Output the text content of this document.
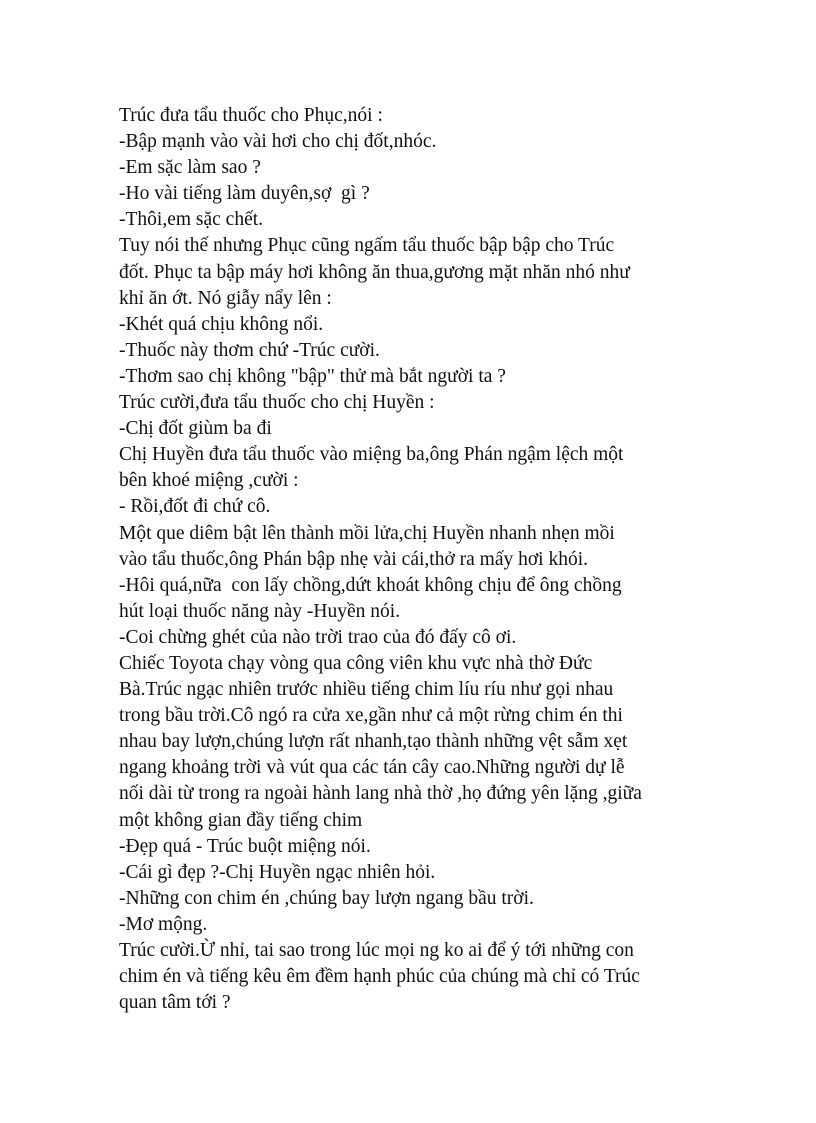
Trúc đưa tẩu thuốc cho Phục,nói :
-Bập mạnh vào vài hơi cho chị đốt,nhóc.
-Em sặc làm sao ?
-Ho vài tiếng làm duyên,sợ  gì ?
-Thôi,em sặc chết.
Tuy nói thế nhưng Phục cũng ngấm tẩu thuốc bập bập cho Trúc
đốt. Phục ta bập máy hơi không ăn thua,gương mặt nhăn nhó như
khỉ ăn ớt. Nó giẫy nẩy lên :
-Khét quá chịu không nổi.
-Thuốc này thơm chứ -Trúc cười.
-Thơm sao chị không "bập" thử mà bắt người ta ?
Trúc cười,đưa tẩu thuốc cho chị Huyền :
-Chị đốt giùm ba đi
Chị Huyền đưa tẩu thuốc vào miệng ba,ông Phán ngậm lệch một
bên khoé miệng ,cười :
- Rồi,đốt đi chứ cô.
Một que diêm bật lên thành mồi lửa,chị Huyền nhanh nhẹn mồi
vào tẩu thuốc,ông Phán bập nhẹ vài cái,thở ra mấy hơi khói.
-Hôi quá,nữa  con lấy chồng,dứt khoát không chịu để ông chồng
hút loại thuốc năng này -Huyền nói.
-Coi chừng ghét của nào trời trao của đó đấy cô ơi.
Chiếc Toyota chạy vòng qua công viên khu vực nhà thờ Đức
Bà.Trúc ngạc nhiên trước nhiều tiếng chim líu ríu như gọi nhau
trong bầu trời.Cô ngó ra cửa xe,gần như cả một rừng chim én thi
nhau bay lượn,chúng lượn rất nhanh,tạo thành những vệt sẫm xẹt
ngang khoảng trời và vút qua các tán cây cao.Những người dự lễ
nối dài từ trong ra ngoài hành lang nhà thờ ,họ đứng yên lặng ,giữa
một không gian đầy tiếng chim
-Đẹp quá - Trúc buột miệng nói.
-Cái gì đẹp ?-Chị Huyền ngạc nhiên hỏi.
-Những con chim én ,chúng bay lượn ngang bầu trời.
-Mơ mộng.
Trúc cười.Ừ nhỉ, tai sao trong lúc mọi ng ko ai để ý tới những con
chim én và tiếng kêu êm đềm hạnh phúc của chúng mà chỉ có Trúc
quan tâm tới ?
